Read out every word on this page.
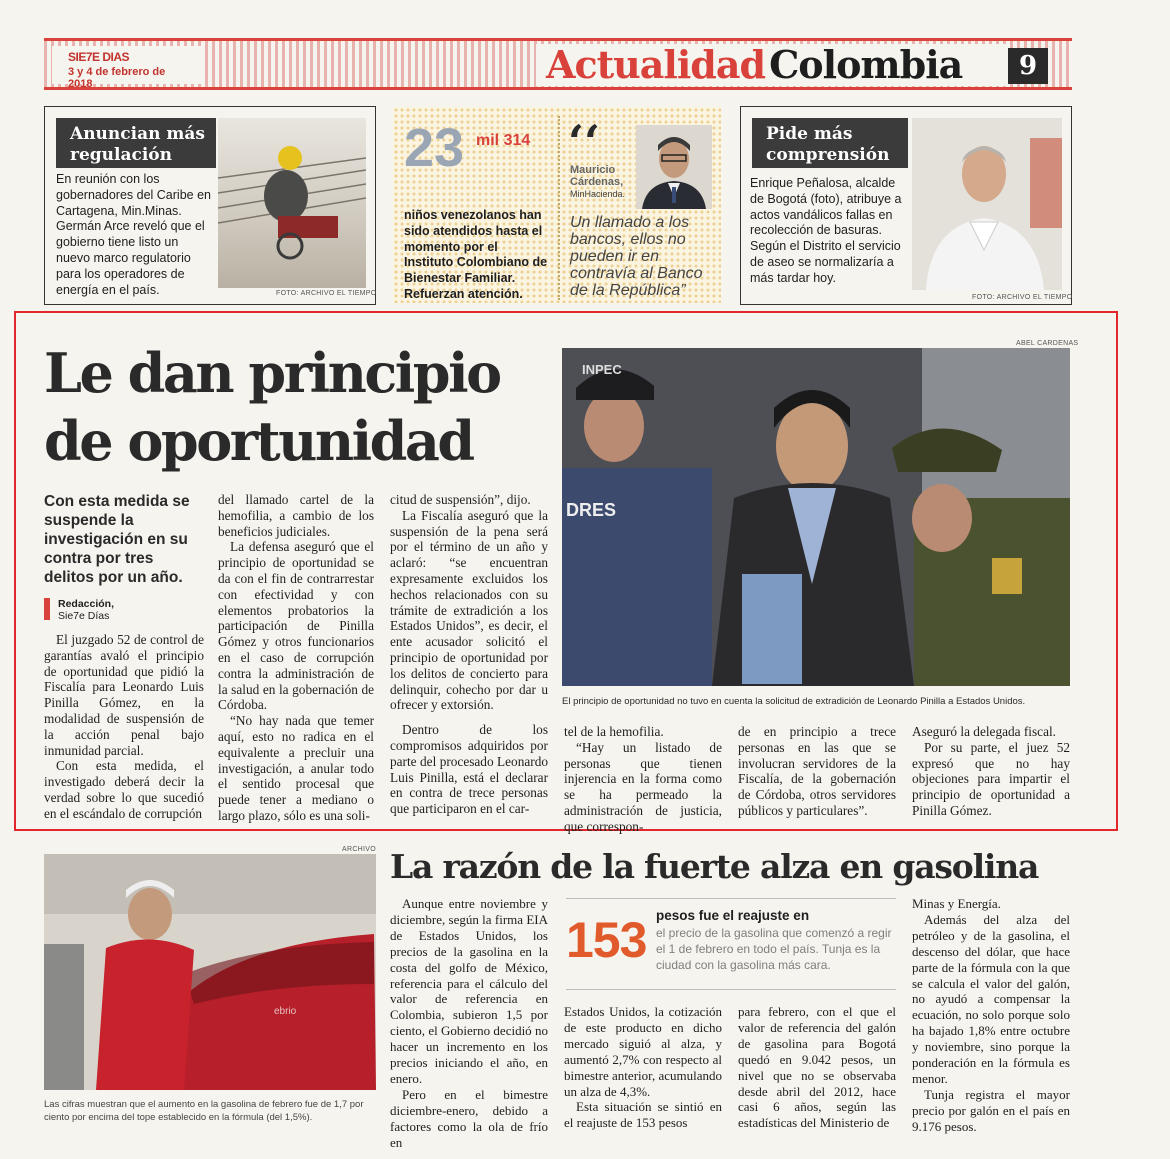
SIE7E DIAS
3 y 4 de febrero de 2018	Actualidad Colombia	9
Anuncian más regulación
En reunión con los gobernadores del Caribe en Cartagena, Min.Minas. Germán Arce reveló que el gobierno tiene listo un nuevo marco regulatorio para los operadores de energía en el país.	FOTO: ARCHIVO EL TIEMPO
23 mil 314
niños venezolanos han sido atendidos hasta el momento por el Instituto Colombiano de Bienestar Familiar. Refuerzan atención.
‘‘
Mauricio Cárdenas,
MinHacienda.
Un llamado a los bancos, ellos no pueden ir en contravía al Banco de la República”
Pide más comprensión
Enrique Peñalosa, alcalde de Bogotá (foto), atribuye a actos vandálicos fallas en recolección de basuras. Según el Distrito el servicio de aseo se normalizaría a más tardar hoy.
FOTO: ARCHIVO EL TIEMPO
Le dan principio
de oportunidad
Con esta medida se suspende la investigación en su contra por tres delitos por un año.
Redacción,
Sie7e Días

El juzgado 52 de control de garantías avaló el principio de oportunidad que pidió la Fiscalía para Leonardo Luis Pinilla Gómez, en la modalidad de suspensión de la acción penal bajo inmunidad parcial.

Con esta medida, el investigado deberá decir la verdad sobre lo que sucedió en el escándalo de corrupción

del llamado cartel de la hemofilia, a cambio de los beneficios judiciales.

La defensa aseguró que el principio de oportunidad se da con el fin de contrarrestar con efectividad y con elementos probatorios la participación de Pinilla Gómez y otros funcionarios en el caso de corrupción contra la administración de la salud en la gobernación de Córdoba.

“No hay nada que temer aquí, esto no radica en el equivalente a precluir una investigación, a anular todo el sentido procesal que puede tener a mediano o largo plazo, sólo es una soli-

citud de suspensión”, dijo.

La Fiscalía aseguró que la suspensión de la pena será por el término de un año y aclaró: “se encuentran expresamente excluidos los hechos relacionados con su trámite de extradición a los Estados Unidos”, es decir, el ente acusador solicitó el principio de oportunidad por los delitos de concierto para delinquir, cohecho por dar u ofrecer y extorsión.

Dentro de los compromisos adquiridos por parte del procesado Leonardo Luis Pinilla, está el declarar en contra de trece personas que participaron en el car-

ABEL CARDENAS
INPEC
DRES
El principio de oportunidad no tuvo en cuenta la solicitud de extradición de Leonardo Pinilla a Estados Unidos.

tel de la hemofilia.

“Hay un listado de personas que tienen injerencia en la forma como se ha permeado la administración de justicia, que correspon-

de en principio a trece personas en las que se involucran servidores de la Fiscalía, de la gobernación de Córdoba, otros servidores públicos y particulares”.

Aseguró la delegada fiscal.

Por su parte, el juez 52 expresó que no hay objeciones para impartir el principio de oportunidad a Pinilla Gómez.

ARCHIVO
ebrio
Las cifras muestran que el aumento en la gasolina de febrero fue de 1,7 por ciento por encima del tope establecido en la fórmula (del 1,5%).
La razón de la fuerte alza en gasolina
153 pesos fue el reajuste en
el precio de la gasolina que comenzó a regir el 1 de febrero en todo el país. Tunja es la ciudad con la gasolina más cara.

Aunque entre noviembre y diciembre, según la firma EIA de Estados Unidos, los precios de la gasolina en la costa del golfo de México, referencia para el cálculo del valor de referencia en Colombia, subieron 1,5 por ciento, el Gobierno decidió no hacer un incremento en los precios iniciando el año, en enero.

Pero en el bimestre diciembre-enero, debido a factores como la ola de frío en

Estados Unidos, la cotización de este producto en dicho mercado siguió al alza, y aumentó 2,7% con respecto al bimestre anterior, acumulando un alza de 4,3%.

Esta situación se sintió en el reajuste de 153 pesos

para febrero, con el que el valor de referencia del galón de gasolina para Bogotá quedó en 9.042 pesos, un nivel que no se observaba desde abril del 2012, hace casi 6 años, según las estadísticas del Ministerio de

Minas y Energía.

Además del alza del petróleo y de la gasolina, el descenso del dólar, que hace parte de la fórmula con la que se calcula el valor del galón, no ayudó a compensar la ecuación, no solo porque solo ha bajado 1,8% entre octubre y noviembre, sino porque la ponderación en la fórmula es menor.

Tunja registra el mayor precio por galón en el país en 9.176 pesos.
